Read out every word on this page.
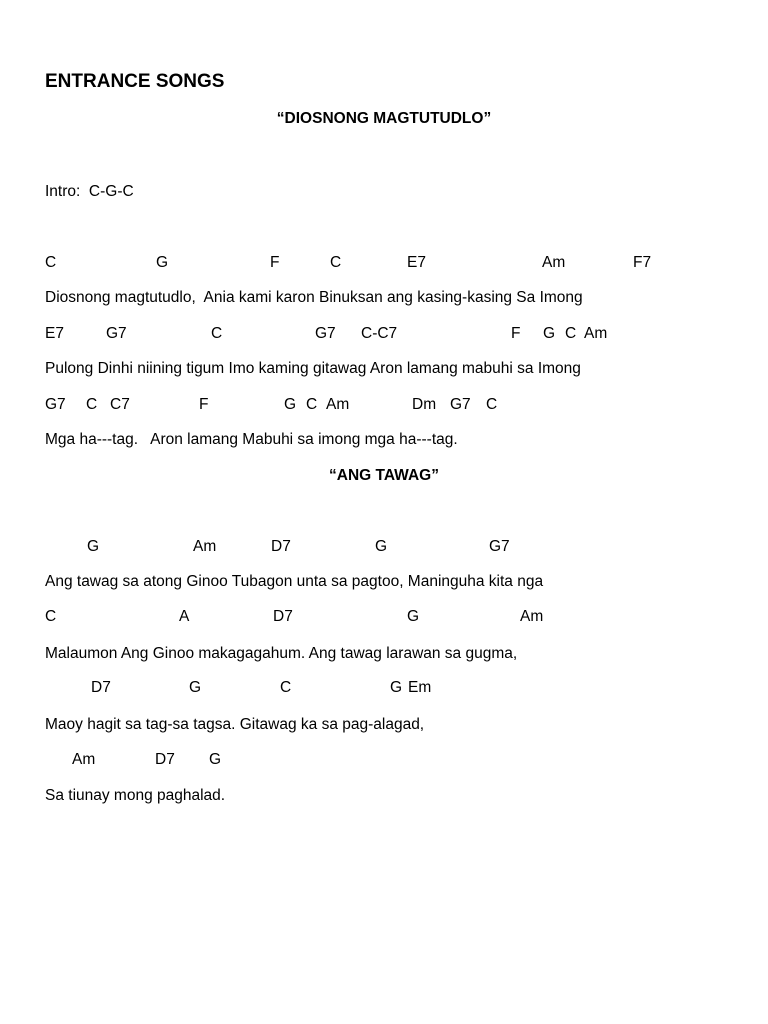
ENTRANCE SONGS
“DIOSNONG MAGTUTUDLO”
Intro:  C-G-C
C	G	F	C	E7	Am	F7
Diosnong magtutudlo,  Ania kami karon Binuksan ang kasing-kasing Sa Imong
E7	G7	C	G7 C-C7	F G C Am
Pulong Dinhi niining tigum Imo kaming gitawag Aron lamang mabuhi sa Imong
G7 C C7	F	G C Am	Dm G7 C
Mga ha---tag.   Aron lamang Mabuhi sa imong mga ha---tag.
“ANG TAWAG”
G	Am	D7	G	G7
Ang tawag sa atong Ginoo Tubagon unta sa pagtoo, Maninguha kita nga
C	A	D7	G	Am
Malaumon Ang Ginoo makagagahum. Ang tawag larawan sa gugma,
D7	G	C	G Em
Maoy hagit sa tag-sa tagsa. Gitawag ka sa pag-alagad,
Am	D7 G
Sa tiunay mong paghalad.
